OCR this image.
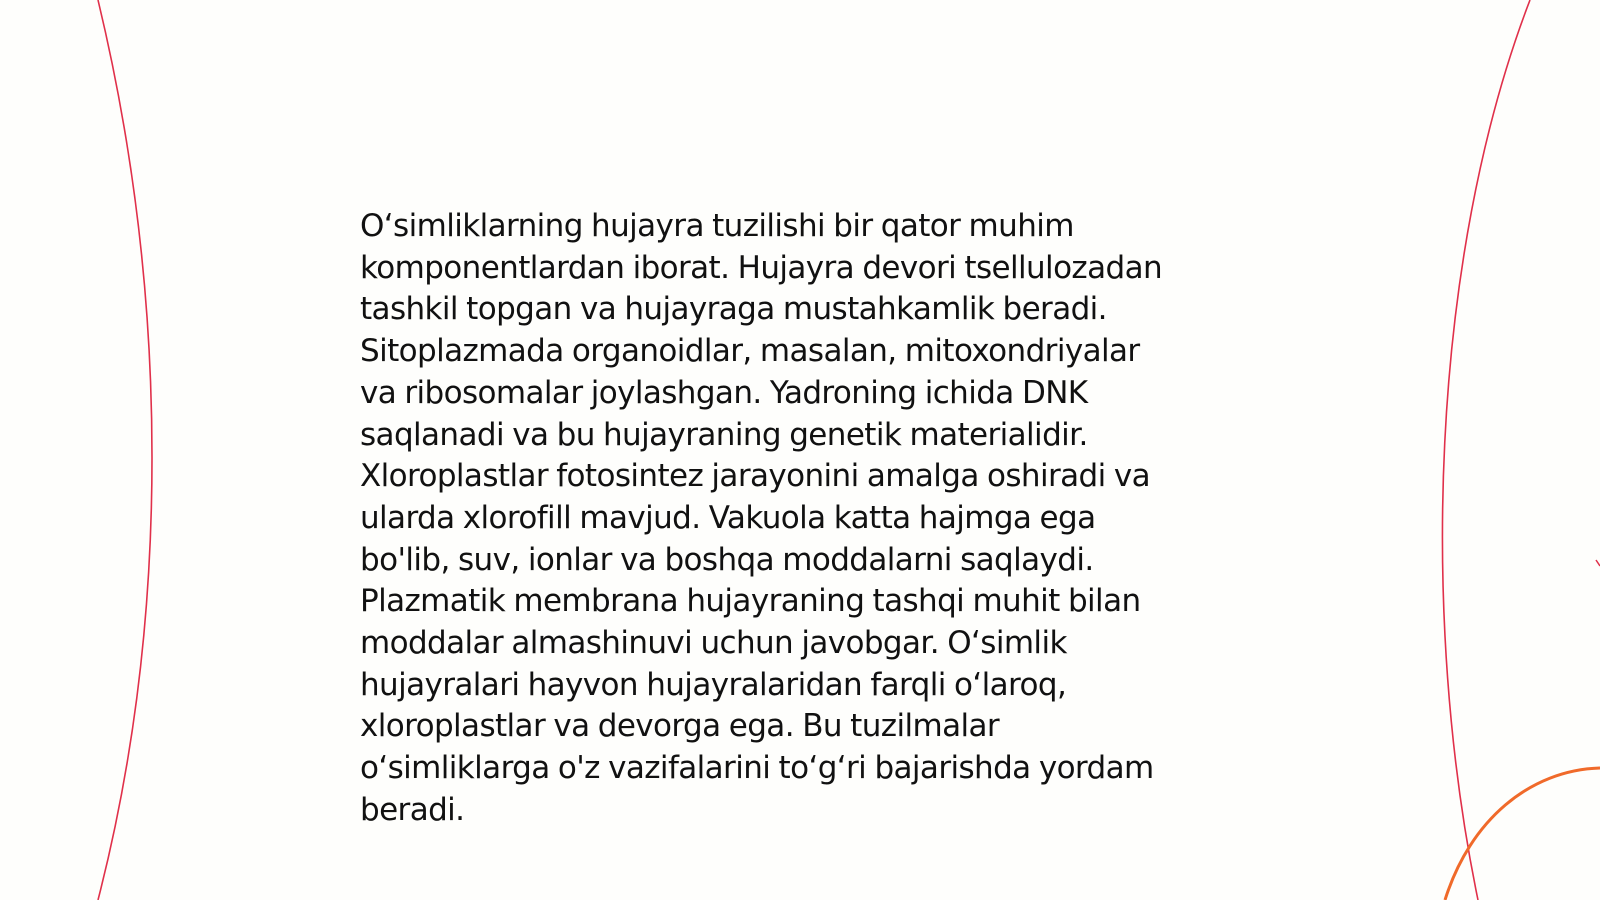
O‘simliklarning hujayra tuzilishi bir qator muhim
komponentlardan iborat. Hujayra devori tsellulozadan
tashkil topgan va hujayraga mustahkamlik beradi.
Sitoplazmada organoidlar, masalan, mitoxondriyalar
va ribosomalar joylashgan. Yadroning ichida DNK
saqlanadi va bu hujayraning genetik materialidir.
Xloroplastlar fotosintez jarayonini amalga oshiradi va
ularda xlorofill mavjud. Vakuola katta hajmga ega
bo'lib, suv, ionlar va boshqa moddalarni saqlaydi.
Plazmatik membrana hujayraning tashqi muhit bilan
moddalar almashinuvi uchun javobgar. O‘simlik
hujayralari hayvon hujayralaridan farqli o‘laroq,
xloroplastlar va devorga ega. Bu tuzilmalar
o‘simliklarga o'z vazifalarini to‘g‘ri bajarishda yordam
beradi.
